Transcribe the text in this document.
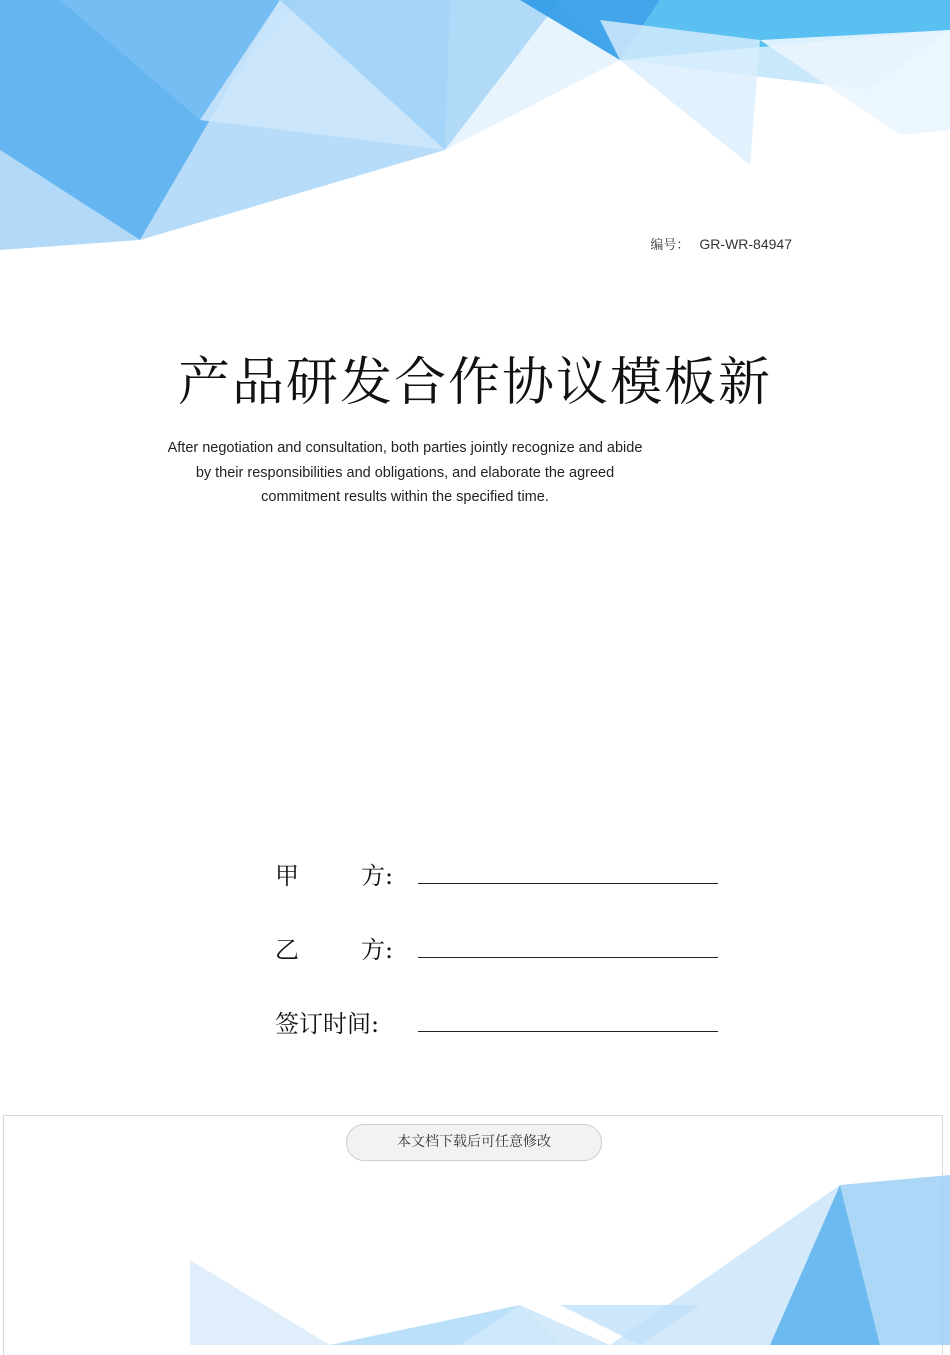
编号： GR-WR-84947
产品研发合作协议模板新

After negotiation and consultation, both parties jointly recognize and abide

by their responsibilities and obligations, and elaborate the agreed

commitment results within the specified time.

甲	方:
乙	方:
签订时间:
本文档下载后可任意修改
